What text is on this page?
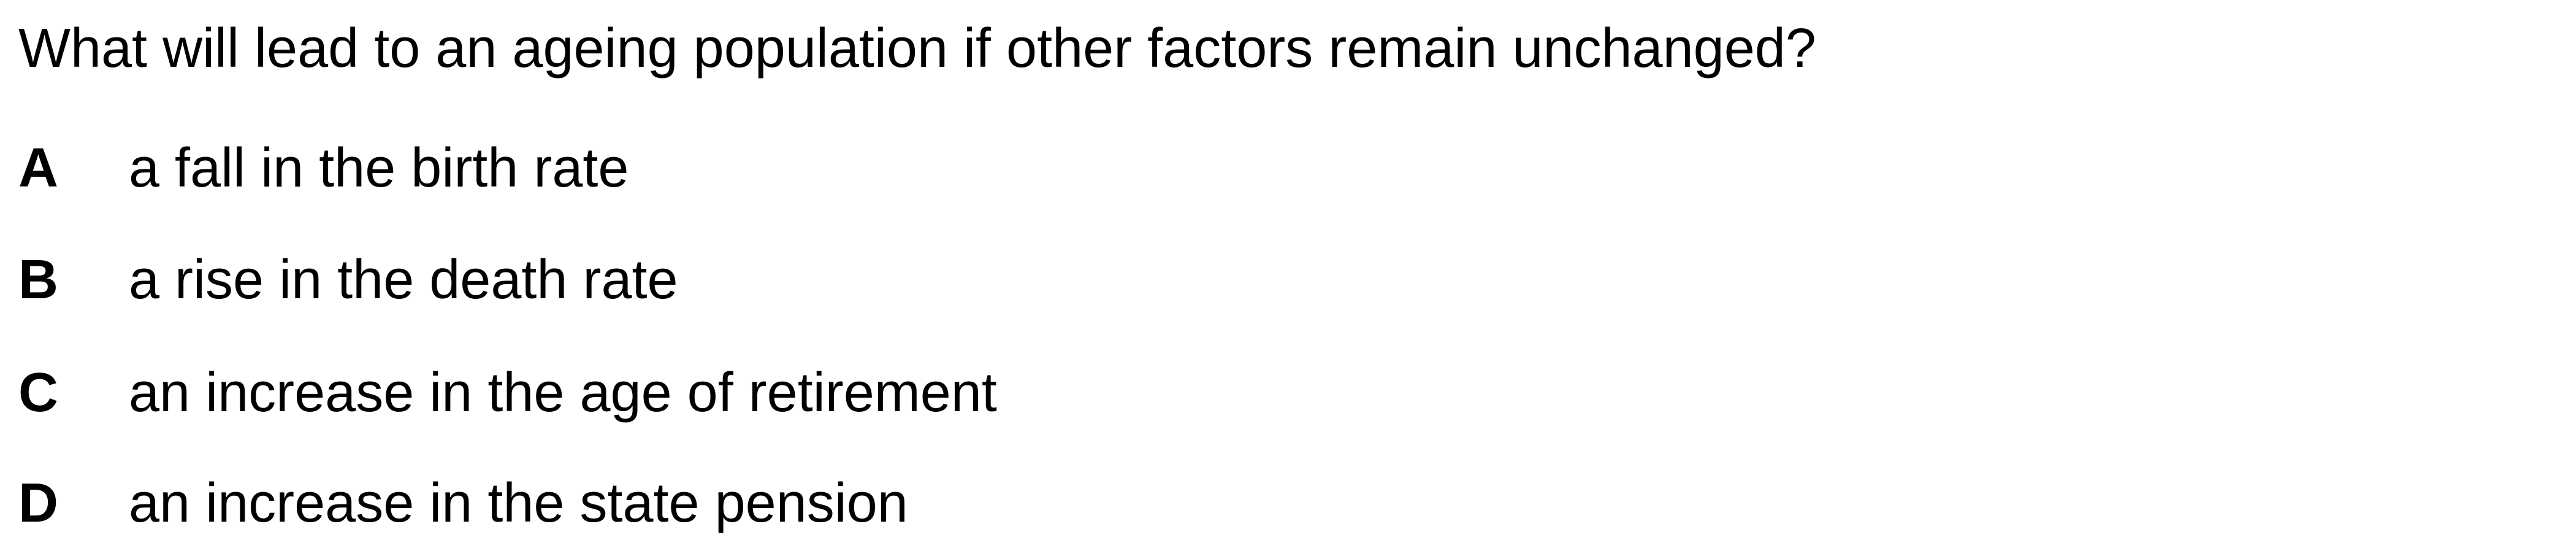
What will lead to an ageing population if other factors remain unchanged?
A a fall in the birth rate
B a rise in the death rate
C an increase in the age of retirement
D an increase in the state pension
